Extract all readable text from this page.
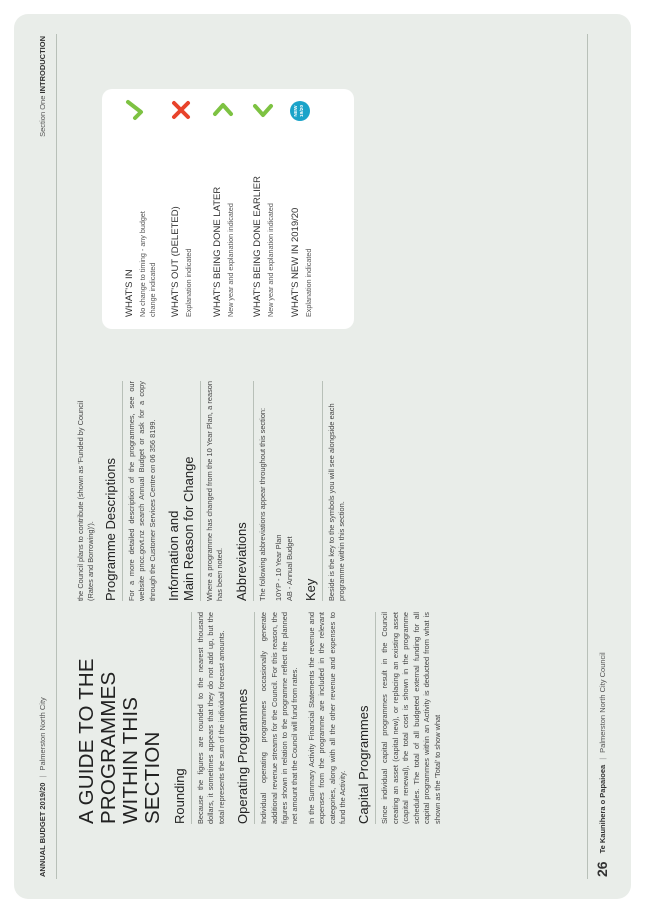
ANNUAL BUDGET 2019/20|Palmerston North City
Section One INTRODUCTION
A GUIDE TO THE
PROGRAMMES
WITHIN THIS SECTION Rounding	Because the figures are rounded to the nearest thousand dollars, it sometimes appears that they do not add up, but the total represents the sum of the individual forecast amounts. Operating Programmes	Individual operating programmes occasionally generate additional revenue streams for the Council. For this reason, the figures shown in relation to the programme reflect the planned net amount that the Council will fund from rates. In the Summary Activity Financial Statements the revenue and expenses from the programme are included in the relevant categories, along with all the other revenue and expenses to fund the Activity. Capital Programmes	Since individual capital programmes result in the Council creating an asset (capital new), or replacing an existing asset (capital renewal), the total cost is shown in the programme schedules. The total of all budgeted external funding for all capital programmes within an Activity is deducted from what is shown as the 'Total' to show what

the Council plans to contribute (shown as 'Funded by Council (Rates and Borrowing)'). Programme Descriptions	For a more detailed description of the programmes, see our website pncc.govt.nz search Annual Budget or ask for a copy through the Customer Services Centre on 06 356 8199. Information and
Main Reason for Change	Where a programme has changed from the 10 Year Plan, a reason has been noted. Abbreviations	The following abbreviations appear throughout this section: 10YP - 10 Year Plan AB - Annual Budget Key	Beside is the key to the symbols you will see alongside each programme within this section.

WHAT'S IN No change to timing - any budget change indicated WHAT'S OUT (DELETED) Explanation indicated WHAT'S BEING DONE LATER New year and explanation indicated WHAT'S BEING DONE EARLIER New year and explanation indicated WHAT'S NEW IN 2019/20 Explanation indicated
NEW
19/20
26Te Kaunihera o Papaioea|Palmerston North City Council
